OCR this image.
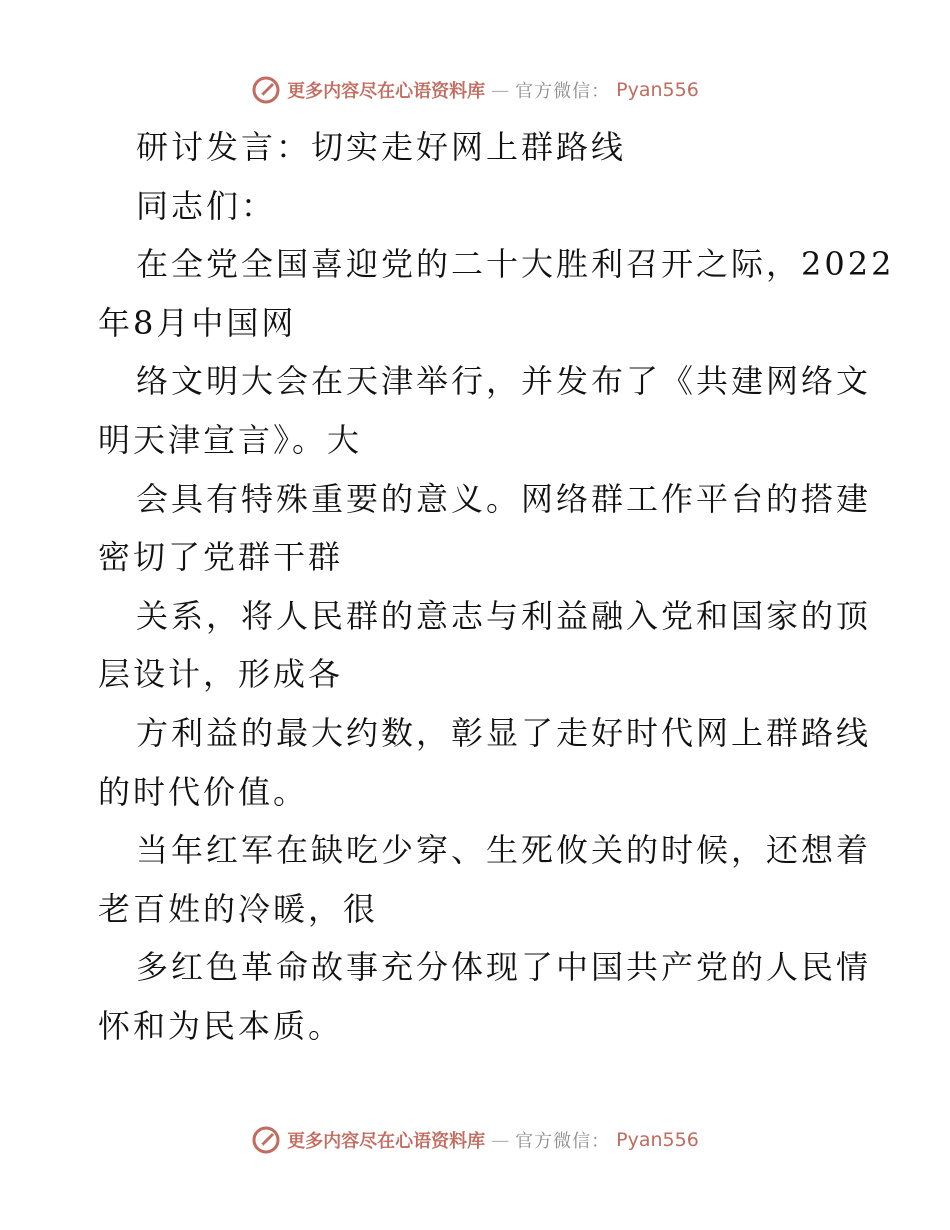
更多内容尽在心语资料库 — 官方微信： Pyan556
研讨发言：切实走好网上群路线
同志们：
在全党全国喜迎党的二十大胜利召开之际，2022
年8月中国网
络文明大会在天津举行，并发布了《共建网络文
明天津宣言》。大
会具有特殊重要的意义。网络群工作平台的搭建
密切了党群干群
关系，将人民群的意志与利益融入党和国家的顶
层设计，形成各
方利益的最大约数，彰显了走好时代网上群路线
的时代价值。
当年红军在缺吃少穿、生死攸关的时候，还想着
老百姓的冷暖，很
多红色革命故事充分体现了中国共产党的人民情
怀和为民本质。
更多内容尽在心语资料库 — 官方微信： Pyan556
